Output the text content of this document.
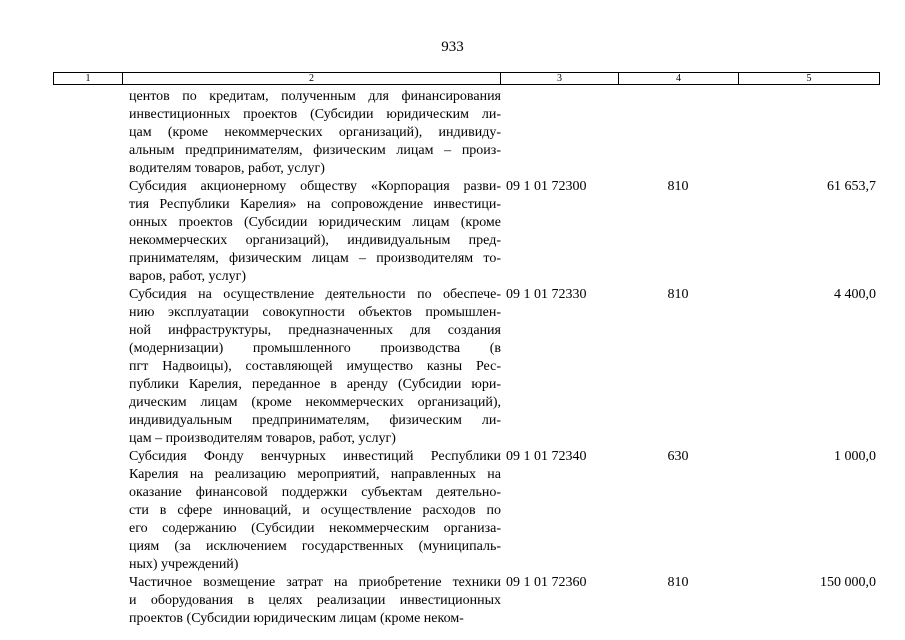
933
1	2	3	4	5
центов по кредитам, полученным для финансирования
инвестиционных проектов (Субсидии юридическим ли-
цам (кроме некоммерческих организаций), индивиду-
альным предпринимателям, физическим лицам – произ-
водителям товаров, работ, услуг)
Субсидия акционерному обществу «Корпорация разви-
тия Республики Карелия» на сопровождение инвестици-
онных проектов (Субсидии юридическим лицам (кроме
некоммерческих организаций), индивидуальным пред-
принимателям, физическим лицам – производителям то-
варов, работ, услуг)
09 1 01 72300	810	61 653,7
Субсидия на осуществление деятельности по обеспече-
нию эксплуатации совокупности объектов промышлен-
ной инфраструктуры, предназначенных для создания
(модернизации) промышленного производства (в
пгт Надвоицы), составляющей имущество казны Рес-
публики Карелия, переданное в аренду (Субсидии юри-
дическим лицам (кроме некоммерческих организаций),
индивидуальным предпринимателям, физическим ли-
цам – производителям товаров, работ, услуг)
09 1 01 72330	810	4 400,0
Субсидия Фонду венчурных инвестиций Республики
Карелия на реализацию мероприятий, направленных на
оказание финансовой поддержки субъектам деятельно-
сти в сфере инноваций, и осуществление расходов по
его содержанию (Субсидии некоммерческим организа-
циям (за исключением государственных (муниципаль-
ных) учреждений)
09 1 01 72340	630	1 000,0
Частичное возмещение затрат на приобретение техники
и оборудования в целях реализации инвестиционных
проектов (Субсидии юридическим лицам (кроме неком-
09 1 01 72360	810	150 000,0
